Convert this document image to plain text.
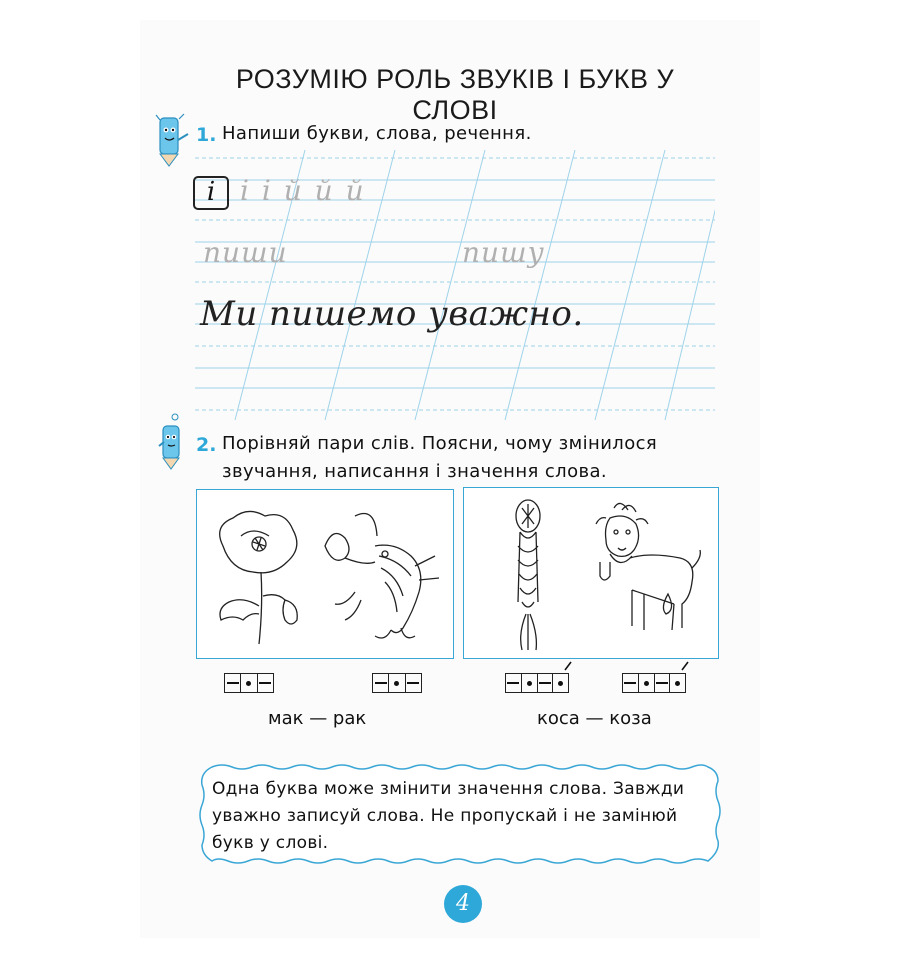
РОЗУМІЮ РОЛЬ ЗВУКІВ І БУКВ У СЛОВІ
1. Напиши букви, слова, речення.
і і і й й й
пиши	пишу
Ми пишемо уважно.
2. Порівняй пари слів. Поясни, чому змінилося
звучання, написання і значення слова.
мак — рак	коса — коза
Одна буква може змінити значення слова. Завжди
уважно записуй слова. Не пропускай і не замінюй
букв у слові.
4
